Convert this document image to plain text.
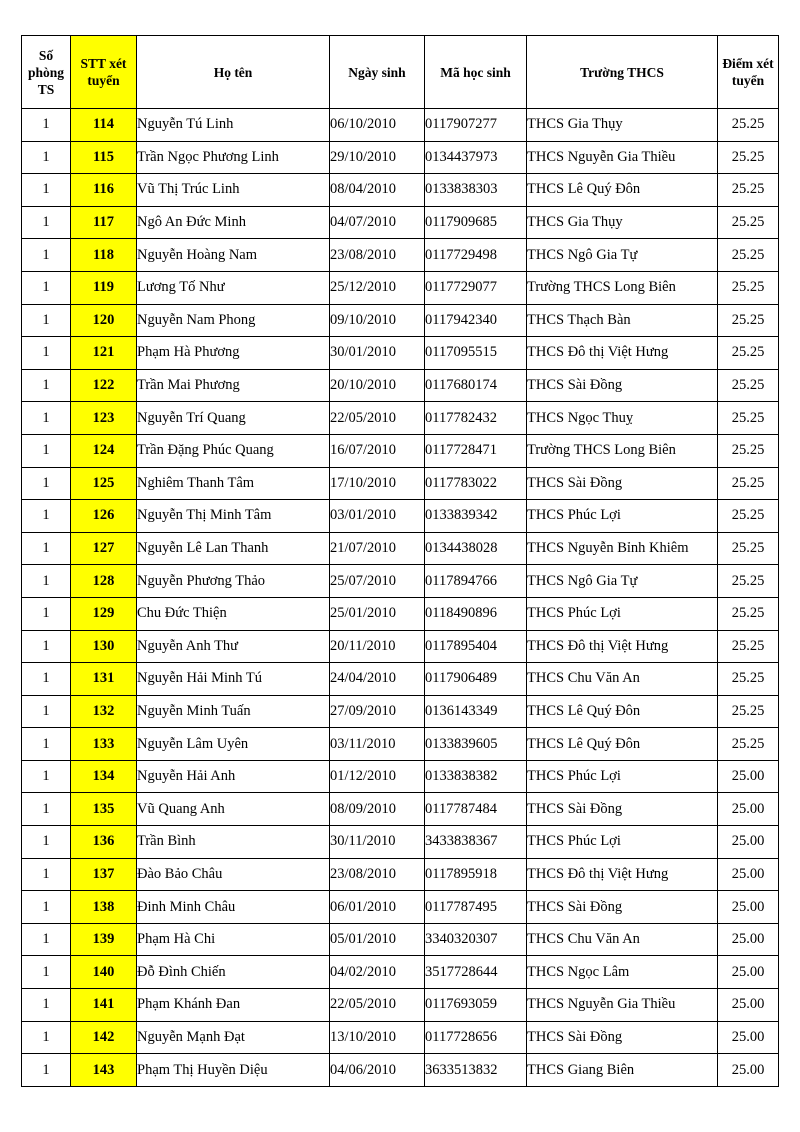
Số phòng TS	STT xét tuyển	Họ tên	Ngày sinh	Mã học sinh	Trường THCS	Điểm xét tuyển
1	114	Nguyễn Tú Linh	06/10/2010	0117907277	THCS Gia Thụy	25.25
1	115	Trần Ngọc Phương Linh	29/10/2010	0134437973	THCS Nguyễn Gia Thiều	25.25
1	116	Vũ Thị Trúc Linh	08/04/2010	0133838303	THCS Lê Quý Đôn	25.25
1	117	Ngô An Đức Minh	04/07/2010	0117909685	THCS Gia Thụy	25.25
1	118	Nguyễn Hoàng Nam	23/08/2010	0117729498	THCS Ngô Gia Tự	25.25
1	119	Lương Tố Như	25/12/2010	0117729077	Trường THCS Long Biên	25.25
1	120	Nguyễn Nam Phong	09/10/2010	0117942340	THCS Thạch Bàn	25.25
1	121	Phạm Hà Phương	30/01/2010	0117095515	THCS Đô thị Việt Hưng	25.25
1	122	Trần Mai Phương	20/10/2010	0117680174	THCS Sài Đồng	25.25
1	123	Nguyễn Trí Quang	22/05/2010	0117782432	THCS Ngọc Thuỵ	25.25
1	124	Trần Đặng Phúc Quang	16/07/2010	0117728471	Trường THCS Long Biên	25.25
1	125	Nghiêm Thanh Tâm	17/10/2010	0117783022	THCS Sài Đồng	25.25
1	126	Nguyễn Thị Minh Tâm	03/01/2010	0133839342	THCS Phúc Lợi	25.25
1	127	Nguyễn Lê Lan Thanh	21/07/2010	0134438028	THCS Nguyễn Bỉnh Khiêm	25.25
1	128	Nguyễn Phương Thảo	25/07/2010	0117894766	THCS Ngô Gia Tự	25.25
1	129	Chu Đức Thiện	25/01/2010	0118490896	THCS Phúc Lợi	25.25
1	130	Nguyễn Anh Thư	20/11/2010	0117895404	THCS Đô thị Việt Hưng	25.25
1	131	Nguyễn Hải Minh Tú	24/04/2010	0117906489	THCS Chu Văn An	25.25
1	132	Nguyễn Minh Tuấn	27/09/2010	0136143349	THCS Lê Quý Đôn	25.25
1	133	Nguyễn Lâm Uyên	03/11/2010	0133839605	THCS Lê Quý Đôn	25.25
1	134	Nguyễn Hải Anh	01/12/2010	0133838382	THCS Phúc Lợi	25.00
1	135	Vũ Quang Anh	08/09/2010	0117787484	THCS Sài Đồng	25.00
1	136	Trần Bình	30/11/2010	3433838367	THCS Phúc Lợi	25.00
1	137	Đào Bảo Châu	23/08/2010	0117895918	THCS Đô thị Việt Hưng	25.00
1	138	Đinh Minh Châu	06/01/2010	0117787495	THCS Sài Đồng	25.00
1	139	Phạm Hà Chi	05/01/2010	3340320307	THCS Chu Văn An	25.00
1	140	Đỗ Đình Chiến	04/02/2010	3517728644	THCS Ngọc Lâm	25.00
1	141	Phạm Khánh Đan	22/05/2010	0117693059	THCS Nguyễn Gia Thiều	25.00
1	142	Nguyễn Mạnh Đạt	13/10/2010	0117728656	THCS Sài Đồng	25.00
1	143	Phạm Thị Huyền Diệu	04/06/2010	3633513832	THCS Giang Biên	25.00
